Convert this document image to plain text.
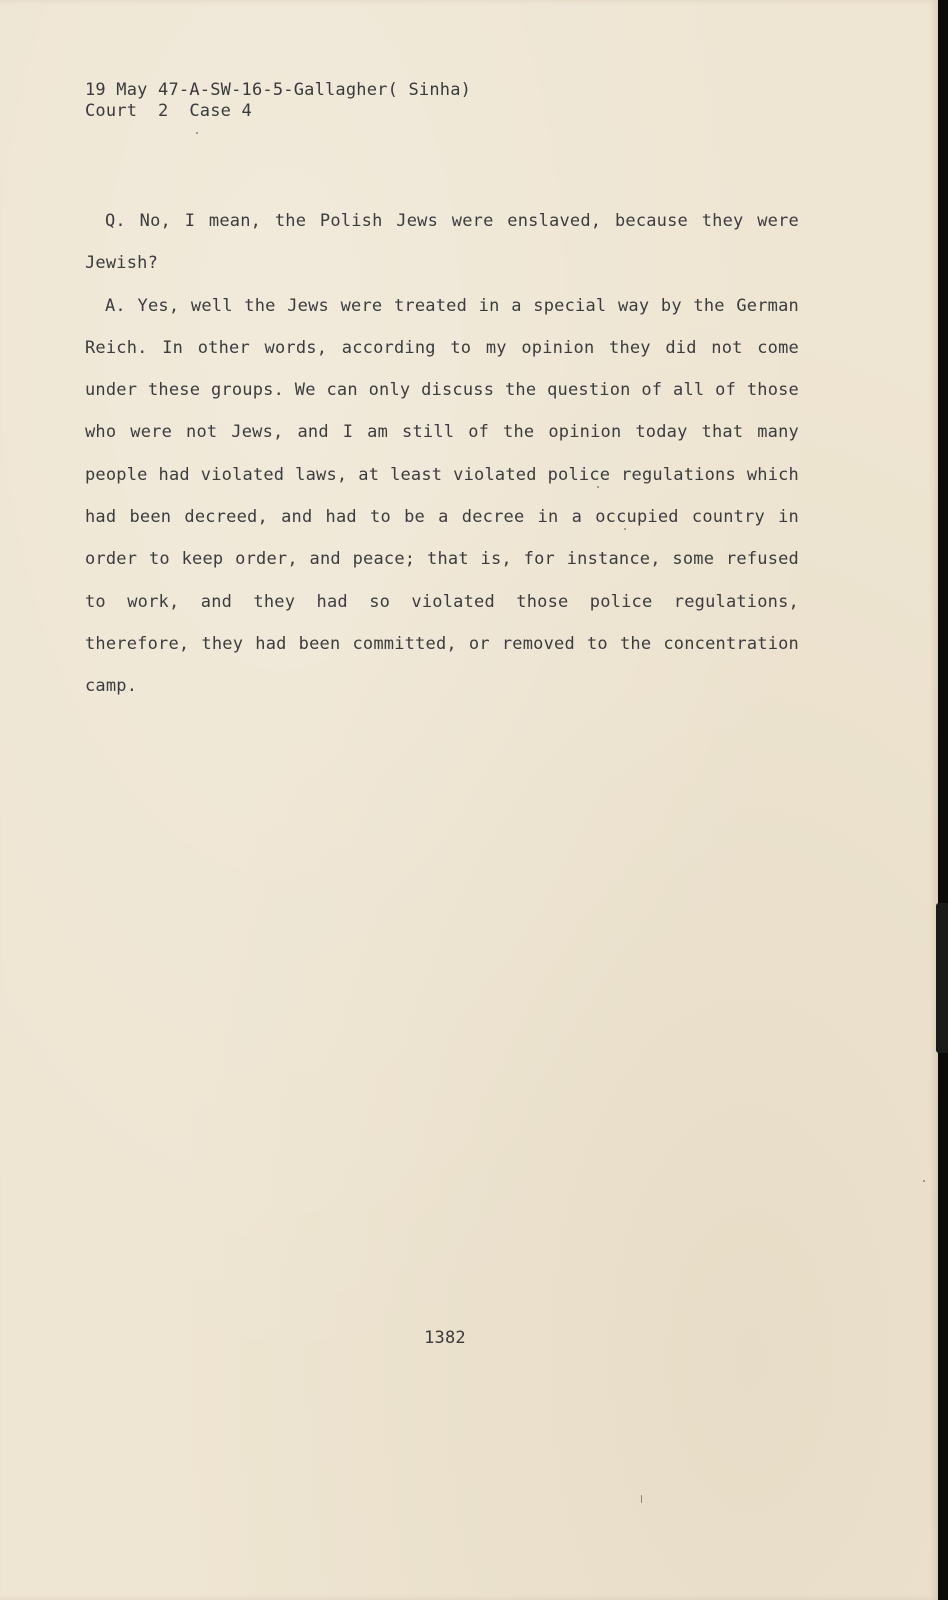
19 May 47-A-SW-16-5-Gallagher( Sinha)
Court  2  Case 4

Q. No, I mean, the Polish Jews were enslaved, because they were Jewish?

A. Yes, well the Jews were treated in a special way by the German Reich. In other words, according to my opinion they did not come under these groups. We can only discuss the question of all of those who were not Jews, and I am still of the opinion today that many people had violated laws, at least violated police regulations which had been decreed, and had to be a decree in a occupied country in order to keep order, and peace; that is, for instance, some refused to work, and they had so violated those police regulations, therefore, they had been committed, or removed to the concentration camp.

1382
